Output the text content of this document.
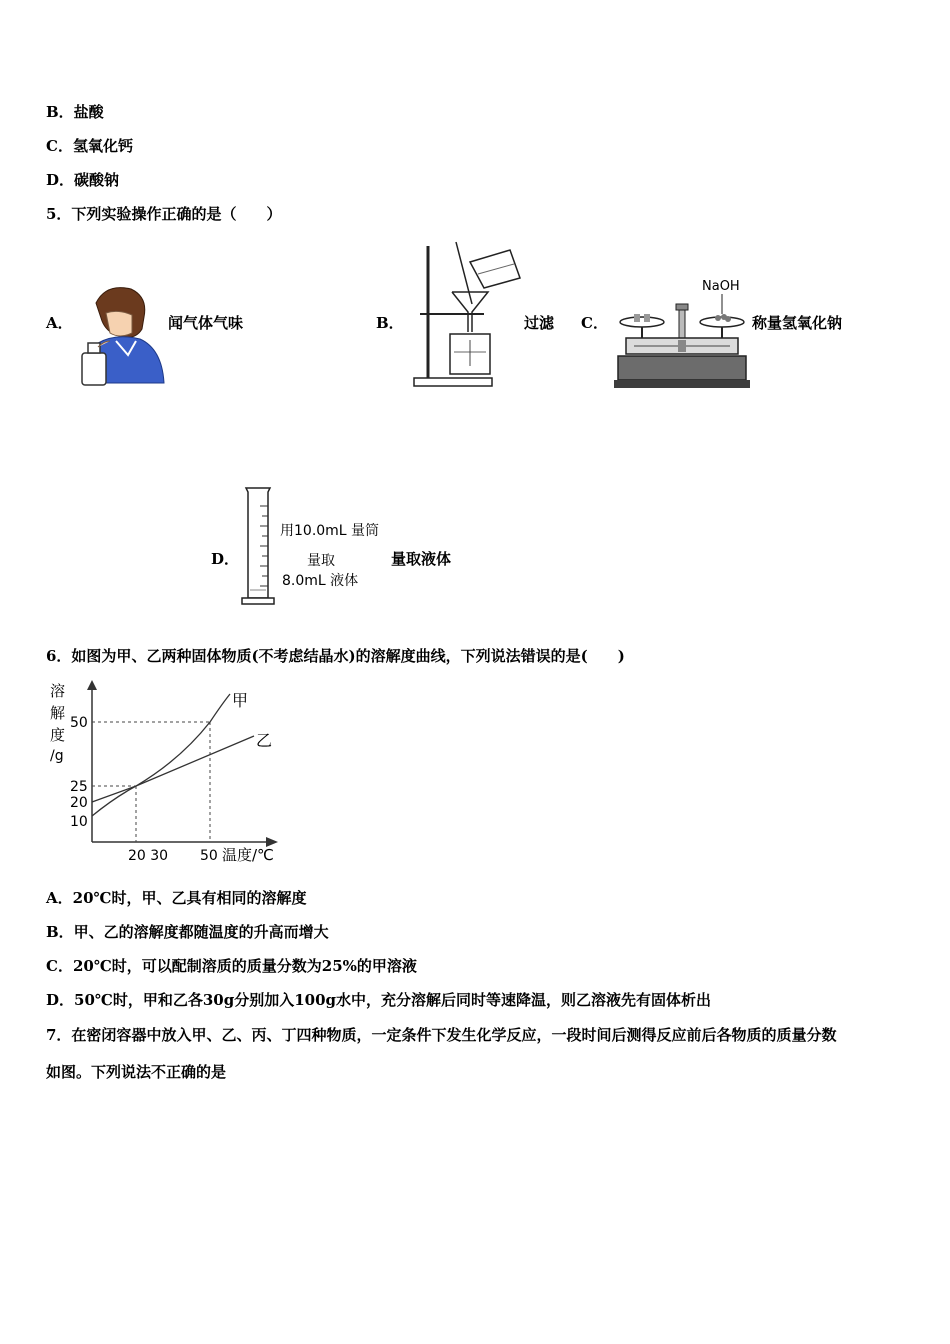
B．盐酸
C．氢氧化钙
D．碳酸钠
5．下列实验操作正确的是（　　）
A．	闻气体气味	B．	过滤 C．
NaOH
称量氢氧化钠
D．
用10.0mL 量筒
量取
8.0mL 液体
量取液体
6．如图为甲、乙两种固体物质(不考虑结晶水)的溶解度曲线，下列说法错误的是(　　)
溶
解
度
/g
50
25
20
10
20 30 50 温度/℃
甲
乙
A．20℃时，甲、乙具有相同的溶解度
B．甲、乙的溶解度都随温度的升高而增大
C．20℃时，可以配制溶质的质量分数为25%的甲溶液
D．50℃时，甲和乙各30g分别加入100g水中，充分溶解后同时等速降温，则乙溶液先有固体析出
7．在密闭容器中放入甲、乙、丙、丁四种物质，一定条件下发生化学反应，一段时间后测得反应前后各物质的质量分数
如图。下列说法不正确的是
